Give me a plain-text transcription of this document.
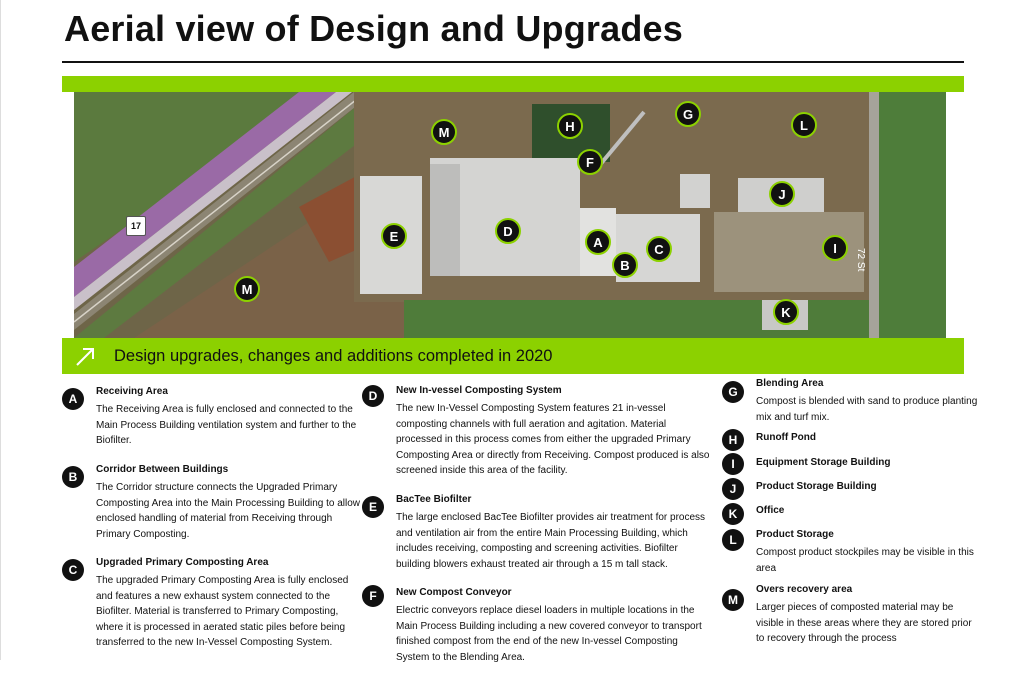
Aerial view of Design and Upgrades
17
72 St
M	H
G
L
F
J
E	D
A	C
B
I
M
K
Design upgrades, changes and additions completed in 2020
A
Receiving Area
The Receiving Area is fully enclosed and connected to the Main Process Building ventilation system and further to the Biofilter.
B
Corridor Between Buildings
The Corridor structure connects the Upgraded Primary Composting Area into the Main Processing Building to allow enclosed handling of material from Receiving through Primary Composting.
C
Upgraded Primary Composting Area
The upgraded Primary Composting Area is fully enclosed and features a new exhaust system connected to the Biofilter. Material is transferred to Primary Composting, where it is processed in aerated static piles before being transferred to the new In-Vessel Composting System.
D	New In-vessel Composting System
The new In-Vessel Composting System features 21 in-vessel composting channels with full aeration and agitation. Material processed in this process comes from either the upgraded Primary Composting Area or directly from Receiving. Compost produced is also screened inside this area of the facility.
E
BacTee Biofilter
The large enclosed BacTee Biofilter provides air treatment for process and ventilation air from the entire Main Processing Building, which includes receiving, composting and screening activities. Biofilter building blowers exhaust treated air through a 15 m tall stack.
F	New Compost Conveyor
Electric conveyors replace diesel loaders in multiple locations in the Main Process Building including a new covered conveyor to transport finished compost from the end of the new In-vessel Composting System to the Blending Area.
G
Blending Area
Compost is blended with sand to produce planting mix and turf mix.
H	Runoff Pond
I	Equipment Storage Building
J	Product Storage Building
K	Office
L	Product Storage
Compost product stockpiles may be visible in this area
M
Overs recovery area
Larger pieces of composted material may be visible in these areas where they are stored prior to recovery through the process
